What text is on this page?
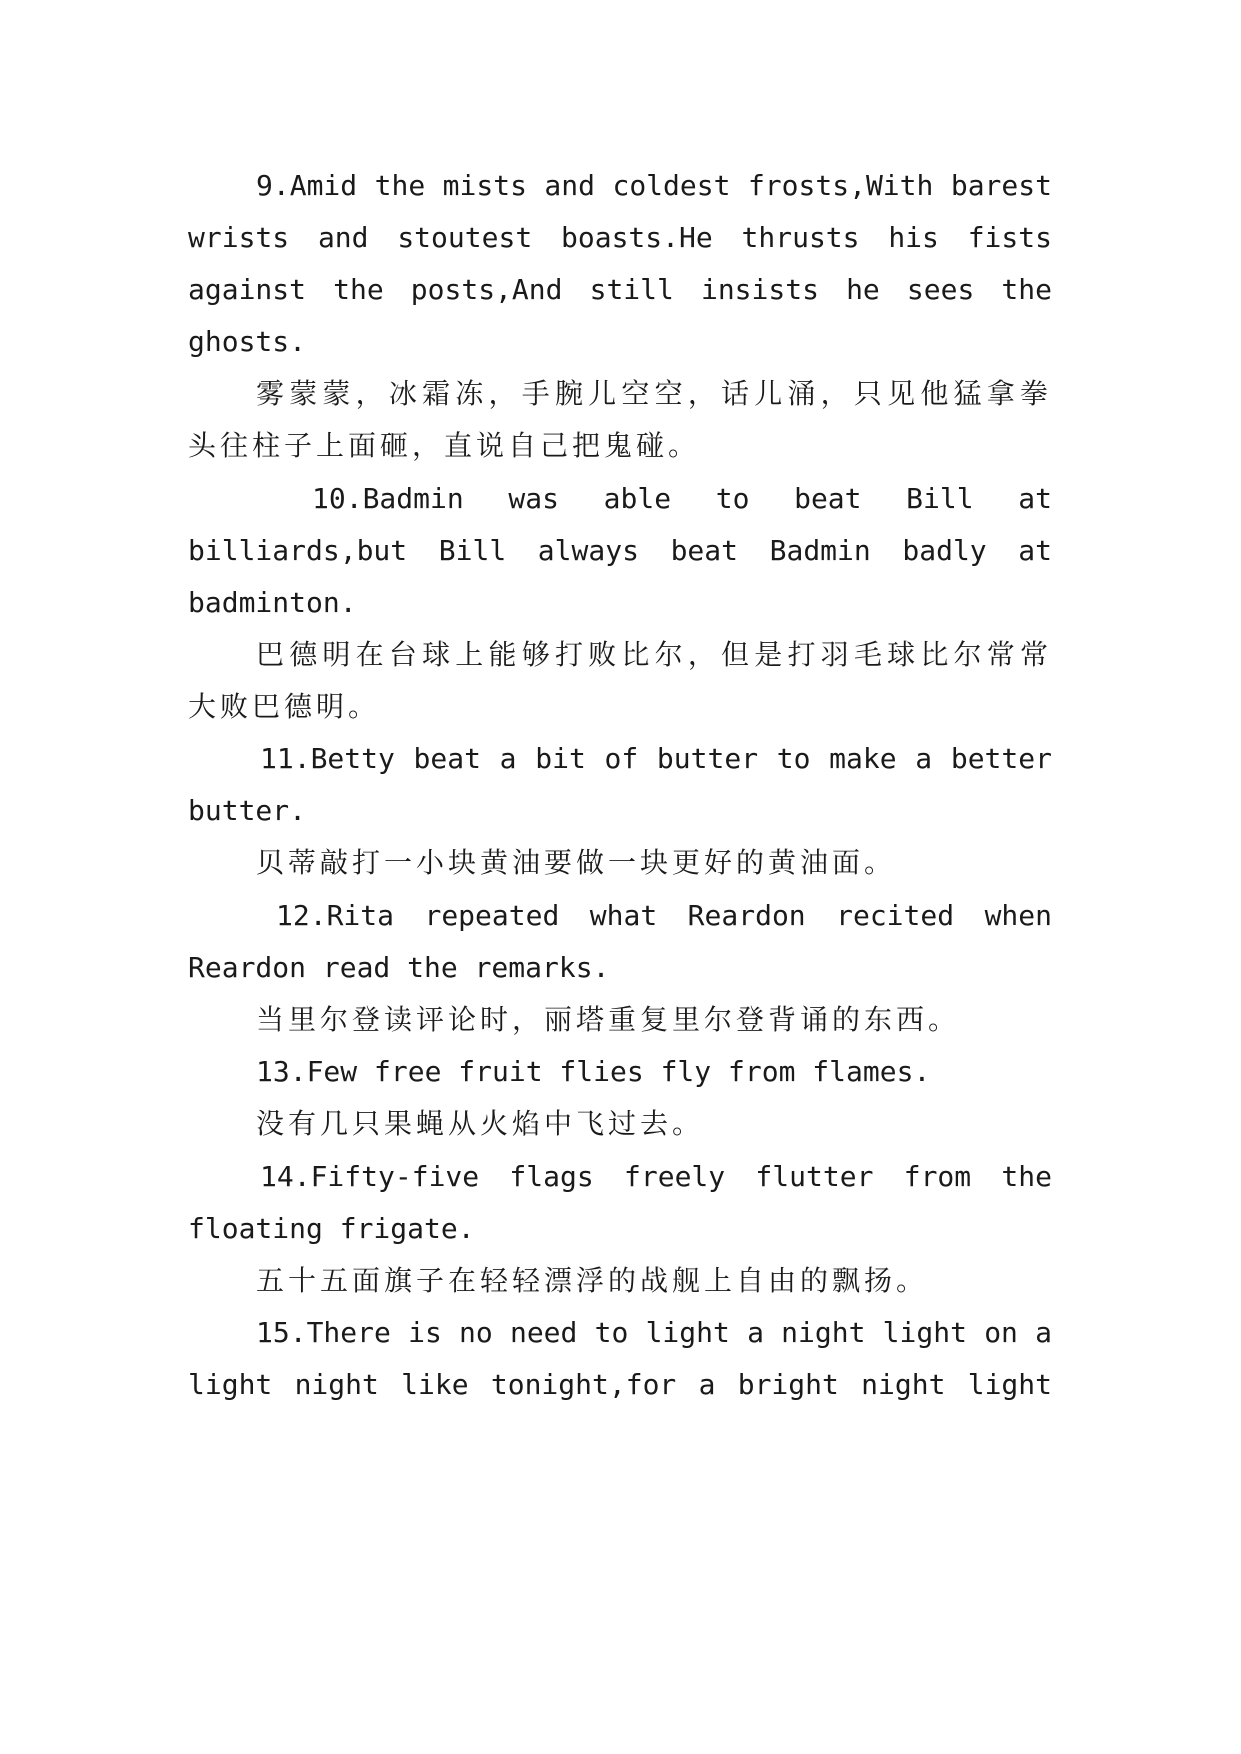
9.Amid the mists and coldest frosts,With barest
wrists and stoutest boasts.He thrusts his fists
against the posts,And still insists he sees the
ghosts.
雾蒙蒙，冰霜冻，手腕儿空空，话儿涌，只见他猛拿拳
头往柱子上面砸，直说自己把鬼碰。
10.Badmin was able to beat Bill at
billiards,but Bill always beat Badmin badly at
badminton.
巴德明在台球上能够打败比尔，但是打羽毛球比尔常常
大败巴德明。
11.Betty beat a bit of butter to make a better
butter.
贝蒂敲打一小块黄油要做一块更好的黄油面。
12.Rita repeated what Reardon recited when
Reardon read the remarks.
当里尔登读评论时，丽塔重复里尔登背诵的东西。
13.Few free fruit flies fly from flames.
没有几只果蝇从火焰中飞过去。
14.Fifty-five flags freely flutter from the
floating frigate.
五十五面旗子在轻轻漂浮的战舰上自由的飘扬。
15.There is no need to light a night light on a
light night like tonight,for a bright night light
